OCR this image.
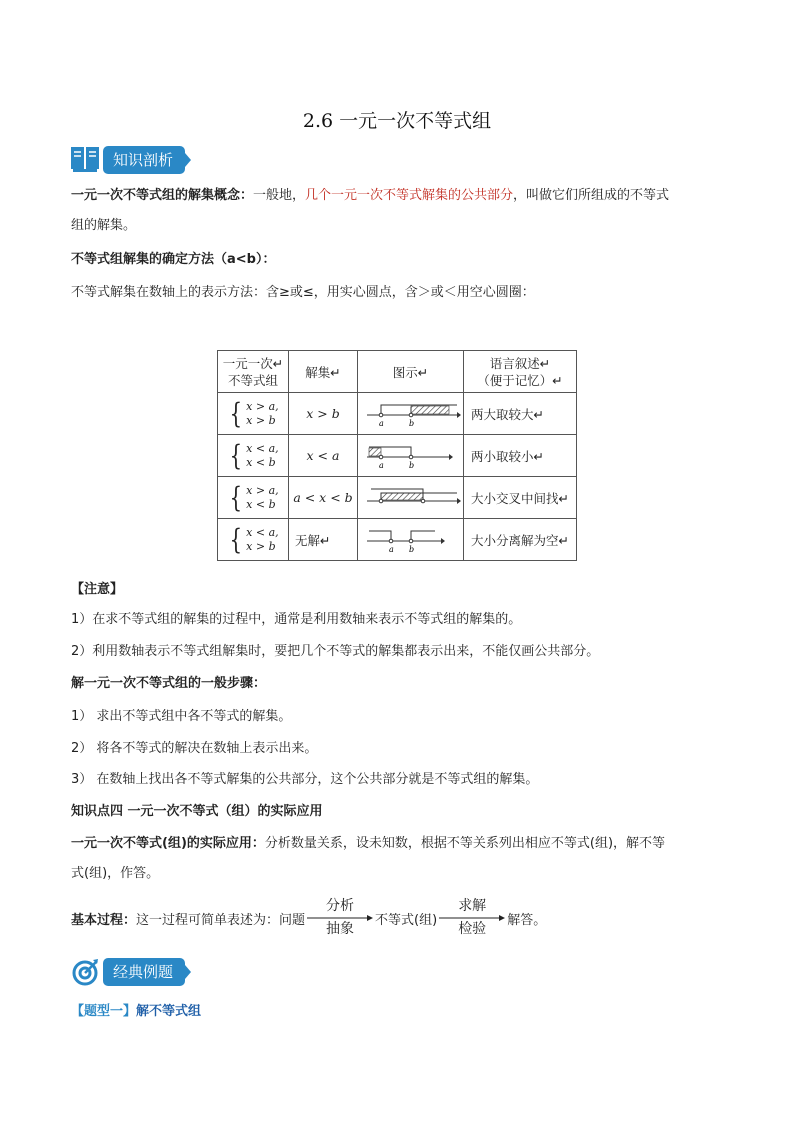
2.6 一元一次不等式组
知识剖析
一元一次不等式组的解集概念：一般地，几个一元一次不等式解集的公共部分，叫做它们所组成的不等式
组的解集。
不等式组解集的确定方法（a<b）：
不等式解集在数轴上的表示方法：含≥或≤，用实心圆点，含＞或＜用空心圆圈：
一元一次↵
不等式组	解集↵	图示↵	语言叙述↵
（便于记忆）↵

{ x > a,
x > b	x > b	a b	两大取较大↵

{ x < a,
x < b	x < a	a b	两小取较小↵

{ x > a,
x < b	a < x < b		大小交叉中间找↵

{ x < a,
x > b	无解↵	a b	大小分离解为空↵
【注意】
1）在求不等式组的解集的过程中，通常是利用数轴来表示不等式组的解集的。
2）利用数轴表示不等式组解集时，要把几个不等式的解集都表示出来，不能仅画公共部分。
解一元一次不等式组的一般步骤：
1） 求出不等式组中各不等式的解集。
2） 将各不等式的解决在数轴上表示出来。
3） 在数轴上找出各不等式解集的公共部分，这个公共部分就是不等式组的解集。
知识点四 一元一次不等式（组）的实际应用
一元一次不等式(组)的实际应用：分析数量关系，设未知数，根据不等关系列出相应不等式(组)，解不等
式(组)，作答。
基本过程： 这一过程可简单表述为：问题
分析
抽象
不等式(组)
求解
检验
解答。
经典例题
【题型一】解不等式组
